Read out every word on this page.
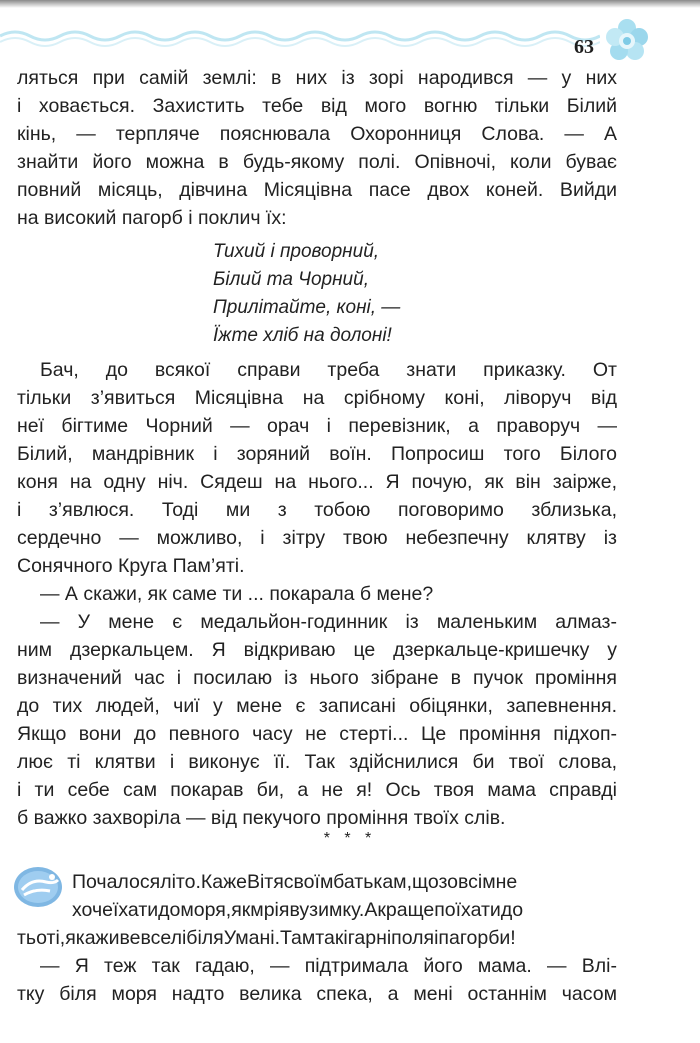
63
ляться при самій землі: в них із зорі народився — у них
і ховається. Захистить тебе від мого вогню тільки Білий
кінь, — терпляче пояснювала Охоронниця Слова. — А
знайти його можна в будь-якому полі. Опівночі, коли буває
повний місяць, дівчина Місяцівна пасе двох коней. Вийди
на високий пагорб і поклич їх:
Тихий і проворний,
Білий та Чорний,
Прилітайте, коні, —
Їжте хліб на долоні!
Бач, до всякої справи треба знати приказку. От
тільки з’явиться Місяцівна на срібному коні, ліворуч від
неї бігтиме Чорний — орач і перевізник, а праворуч —
Білий, мандрівник і зоряний воїн. Попросиш того Білого
коня на одну ніч. Сядеш на нього... Я почую, як він заірже,
і з’явлюся. Тоді ми з тобою поговоримо зблизька,
сердечно — можливо, і зітру твою небезпечну клятву із
Сонячного Круга Пам’яті.
— А скажи, як саме ти ... покарала б мене?
— У мене є медальйон-годинник із маленьким алмаз-
ним дзеркальцем. Я відкриваю це дзеркальце-кришечку у
визначений час і посилаю із нього зібране в пучок проміння
до тих людей, чиї у мене є записані обіцянки, запевнення.
Якщо вони до певного часу не стерті... Це проміння підхоп-
лює ті клятви і виконує її. Так здійснилися би твої слова,
і ти себе сам покарав би, а не я! Ось твоя мама справді
б важко захворіла — від пекучого проміння твоїх слів.
* * *
Почалосяліто.КажеВітясвоїмбатькам,щозовсімне
хочеїхатидоморя,якмріявузимку.Акращепоїхатидо
тьоті,якаживевселібіляУмані.Тамтакігарніполяіпагорби!
— Я теж так гадаю, — підтримала його мама. — Влі-
тку біля моря надто велика спека, а мені останнім часом
